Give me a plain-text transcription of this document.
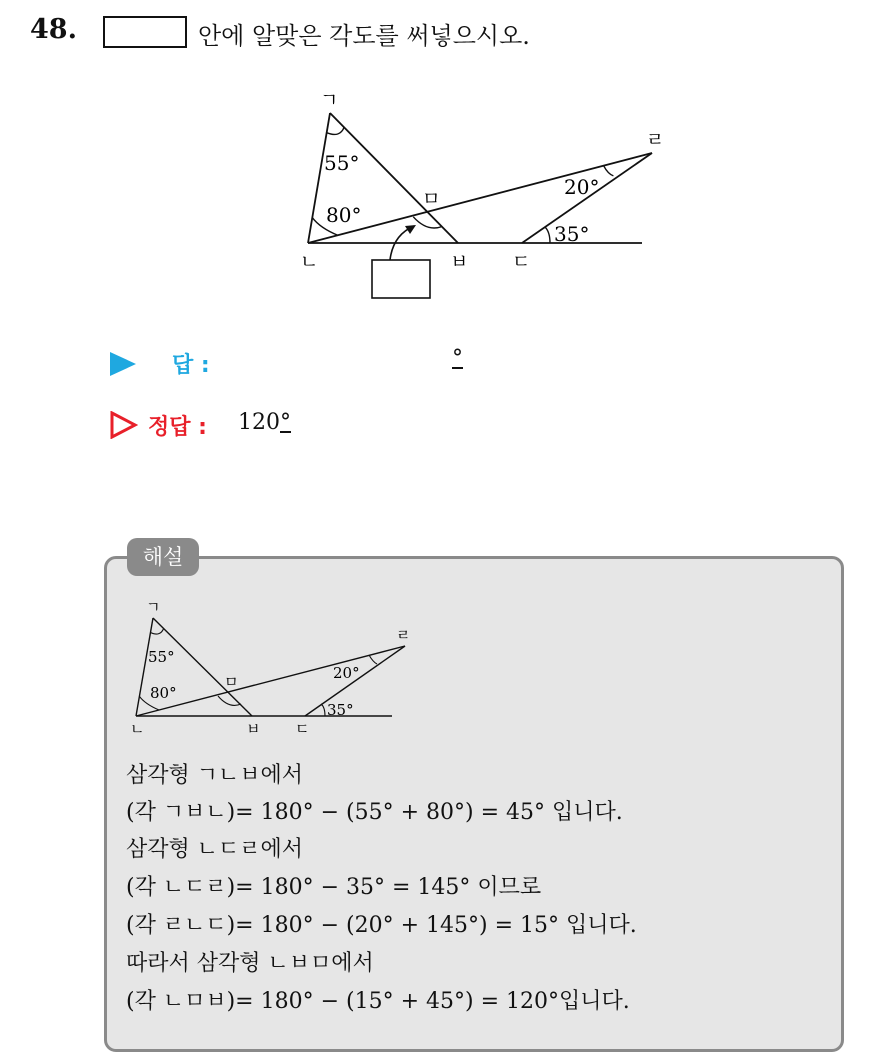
48.	안에 알맞은 각도를 써넣으시오.
ㄱ
ㄴ	ㅂ ㄷ
ㄹ
ㅁ
55°
80°
20°
35°
답 :	°
정답 : 120°
해설
ㄱ
ㄴ	ㅂ ㄷ
ㄹ
ㅁ
55°
80°
20°
35°
삼각형 ㄱㄴㅂ에서
(각 ㄱㅂㄴ)= 180° − (55° + 80°) = 45° 입니다.
삼각형 ㄴㄷㄹ에서
(각 ㄴㄷㄹ)= 180° − 35° = 145° 이므로
(각 ㄹㄴㄷ)= 180° − (20° + 145°) = 15° 입니다.
따라서 삼각형 ㄴㅂㅁ에서
(각 ㄴㅁㅂ)= 180° − (15° + 45°) = 120°입니다.
